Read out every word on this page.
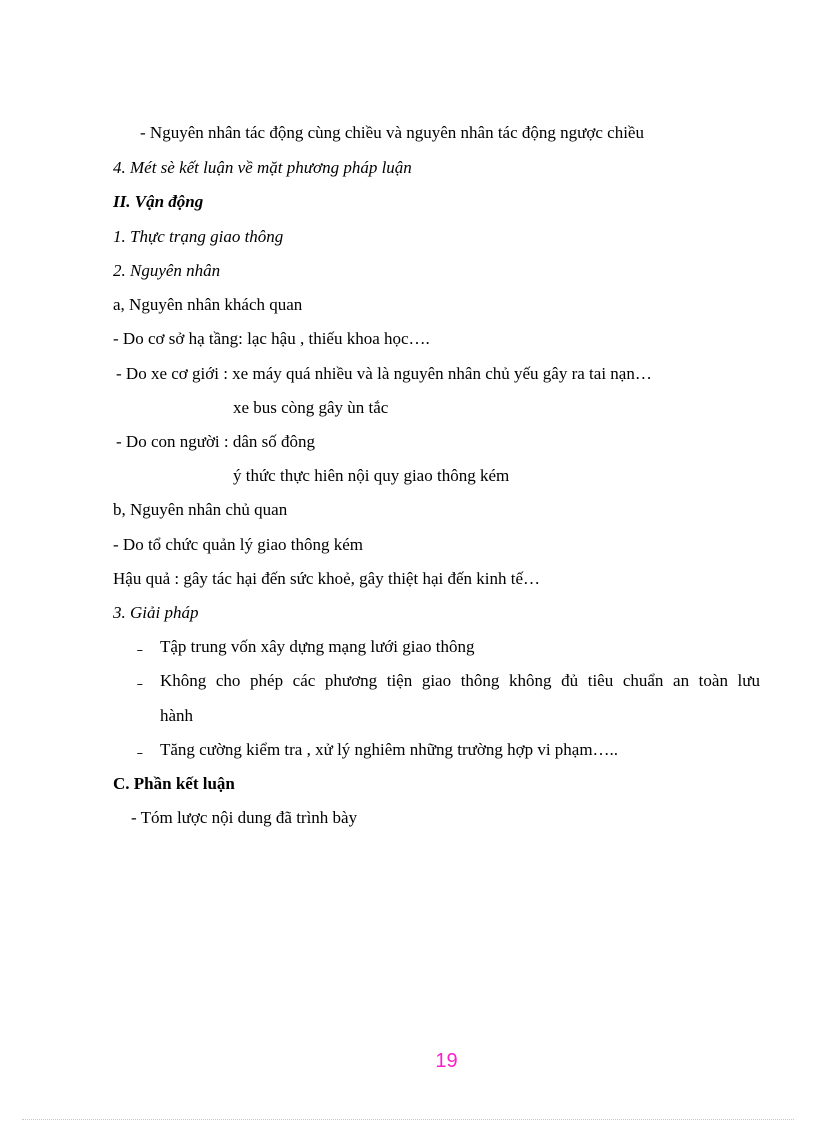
- Nguyên nhân tác động cùng chiều và nguyên nhân tác động ngược chiều
4. Mét sè kết luận về mặt phương pháp luận
II. Vận động
1. Thực trạng giao thông
2. Nguyên nhân
a, Nguyên nhân khách quan
- Do cơ sở hạ tầng: lạc hậu , thiếu khoa học….
- Do xe cơ giới : xe máy quá nhiều và là nguyên nhân chủ yếu gây ra tai nạn…
xe bus còng gây ùn tắc
- Do con người : dân số đông
ý thức thực hiên nội quy giao thông kém
b, Nguyên nhân chủ quan
- Do tổ chức quản lý giao thông kém
Hậu quả : gây tác hại đến sức khoẻ, gây thiệt hại đến kinh tế…
3. Giải pháp
˗ Tập trung vốn xây dựng mạng lưới giao thông
˗ Không cho phép các phương tiện giao thông không đủ tiêu chuẩn an toàn lưu
hành
˗ Tăng cường kiểm tra , xử lý nghiêm những trường hợp vi phạm…..
C. Phần kết luận
- Tóm lược nội dung đã trình bày
19
